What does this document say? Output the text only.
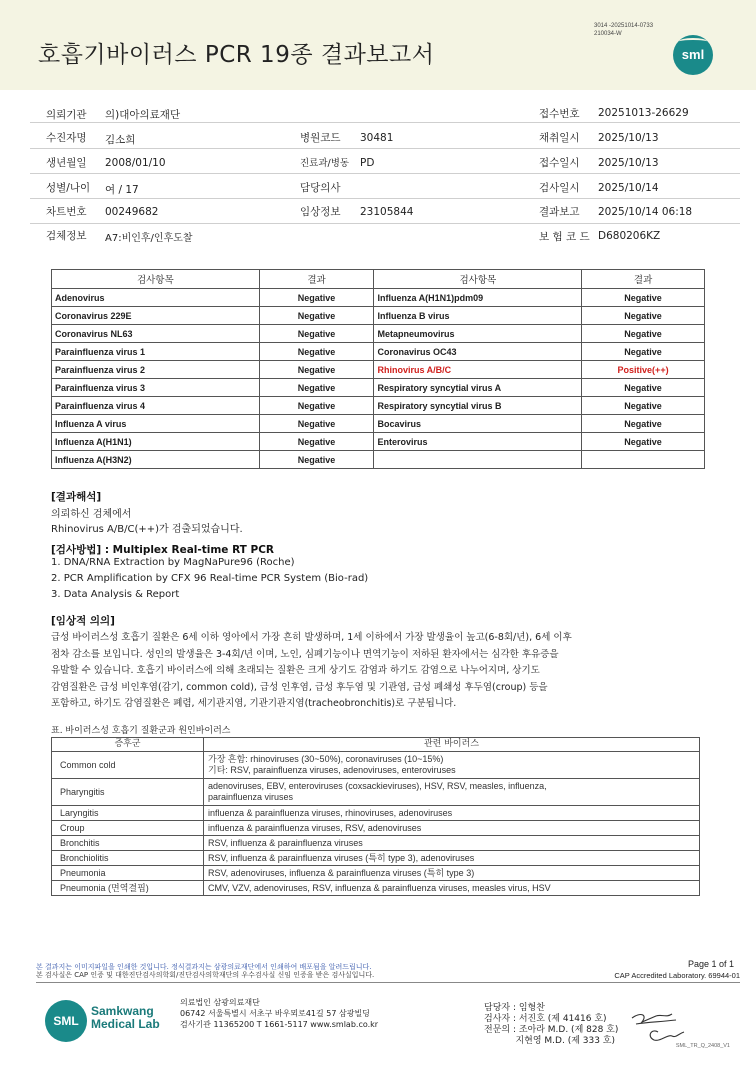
호흡기바이러스 PCR 19종 결과보고서
3014 -20251014-0733
210034-W
sml
의뢰기관 의)대아의료재단	접수번호 20251013-26629
수진자명 김소희	병원코드 30481	채취일시 2025/10/13
생년월일 2008/01/10	진료과/병동 PD	접수일시 2025/10/13
성별/나이 여 / 17	담당의사	검사일시 2025/10/14
차트번호 00249682	임상정보 23105844	결과보고 2025/10/14 06:18
검체정보 A7:비인후/인후도찰	보 험 코 드 D680206KZ
검사항목	결과	검사항목	결과
Adenovirus	Negative	Influenza A(H1N1)pdm09	Negative
Coronavirus 229E	Negative	Influenza B virus	Negative
Coronavirus NL63	Negative	Metapneumovirus	Negative
Parainfluenza virus 1	Negative	Coronavirus OC43	Negative
Parainfluenza virus 2	Negative	Rhinovirus A/B/C	Positive(++)
Parainfluenza virus 3	Negative	Respiratory syncytial virus A	Negative
Parainfluenza virus 4	Negative	Respiratory syncytial virus B	Negative
Influenza A virus	Negative	Bocavirus	Negative
Influenza A(H1N1)	Negative	Enterovirus	Negative
Influenza A(H3N2)	Negative		
[결과해석]
의뢰하신 검체에서
Rhinovirus A/B/C(++)가 검출되었습니다.
[검사방법] : Multiplex Real-time RT PCR
1. DNA/RNA Extraction by MagNaPure96 (Roche)
2. PCR Amplification by CFX 96 Real-time PCR System (Bio-rad)
3. Data Analysis & Report
[임상적 의의]
급성 바이러스성 호흡기 질환은 6세 이하 영아에서 가장 흔히 발생하며, 1세 이하에서 가장 발생율이 높고(6-8회/년), 6세 이후
점차 감소를 보입니다. 성인의 발생율은 3-4회/년 이며, 노인, 심폐기능이나 면역기능이 저하된 환자에서는 심각한 후유증을
유발할 수 있습니다. 호흡기 바이러스에 의해 초래되는 질환은 크게 상기도 감염과 하기도 감염으로 나누어지며, 상기도
감염질환은 급성 비인후염(감기, common cold), 급성 인후염, 급성 후두염 및 기관염, 급성 폐쇄성 후두염(croup) 등을
포함하고, 하기도 감염질환은 폐렴, 세기관지염, 기관기관지염(tracheobronchitis)로 구분됩니다.
표. 바이러스성 호흡기 질환군과 원인바이러스
증후군	관련 바이러스
Common cold	가장 흔함: rhinoviruses (30~50%), coronaviruses (10~15%)
기타: RSV, parainfluenza viruses, adenoviruses, enteroviruses

Pharyngitis	adenoviruses, EBV, enteroviruses (coxsackieviruses), HSV, RSV, measles, influenza,
parainfluenza viruses

Laryngitis	influenza & parainfluenza viruses, rhinoviruses, adenoviruses
Croup	influenza & parainfluenza viruses, RSV, adenoviruses
Bronchitis	RSV, influenza & parainfluenza viruses
Bronchiolitis	RSV, influenza & parainfluenza viruses (특히 type 3), adenoviruses
Pneumonia	RSV, adenoviruses, influenza & parainfluenza viruses (특히 type 3)
Pneumonia (면역결핍)	CMV, VZV, adenoviruses, RSV, influenza & parainfluenza viruses, measles virus, HSV
Page 1 of 1
본 결과지는 이미지파일을 인쇄한 것입니다. 정식결과지는 삼광의료재단에서 인쇄하여 배포됨을 알려드립니다.
본 검사실은 CAP 인증 및 대한진단검사의학회/진단검사의학재단의 우수검사실 신임 인증을 받은 검사실입니다.	CAP Accredited Laboratory. 69944-01
SML
Samkwang
Medical Lab
의료법인 삼광의료재단
06742 서울특별시 서초구 바우뫼로41길 57 삼광빌딩
검사기관 11365200 T 1661-5117 www.smlab.co.kr
담당자 : 임형찬
검사자 : 서진호 (제 41416 호)
전문의 : 조아라 M.D. (제 828 호)
지현영 M.D. (제 333 호)	SML_TR_Q_2408_V1
